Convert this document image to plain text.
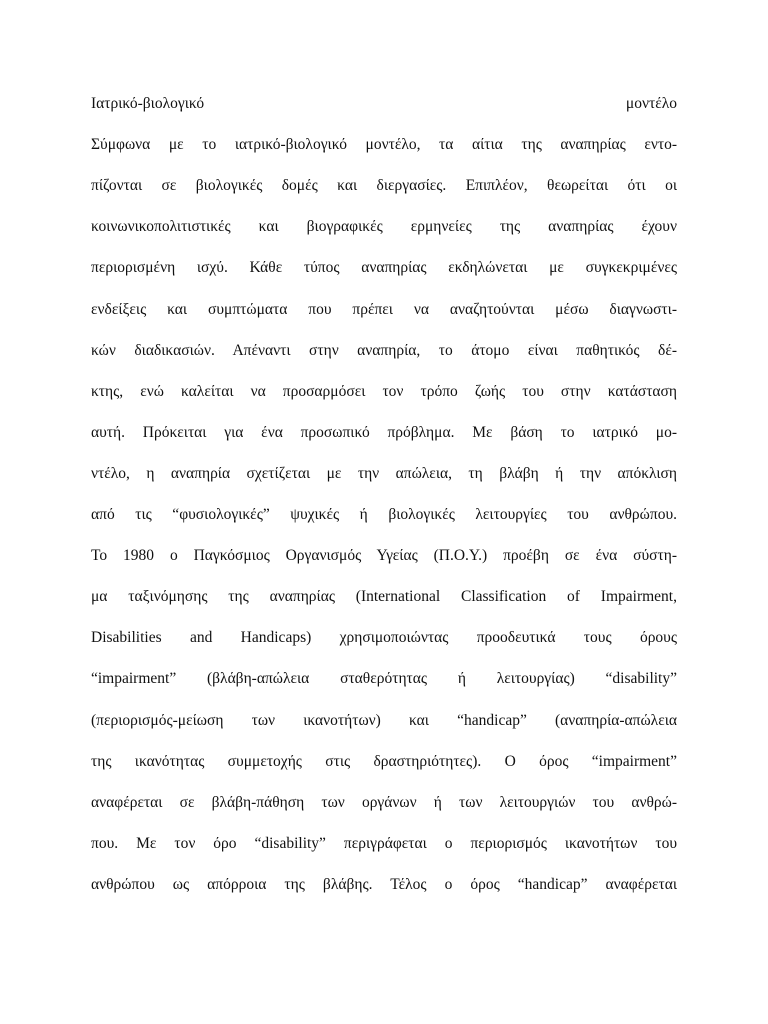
Ιατρικό-βιολογικό	μοντέλο
Σύμφωνα με το ιατρικό-βιολογικό μοντέλο, τα αίτια της αναπηρίας εντο-
πίζονται σε βιολογικές δομές και διεργασίες. Επιπλέον, θεωρείται ότι οι
κοινωνικοπολιτιστικές και βιογραφικές ερμηνείες της αναπηρίας έχουν
περιορισμένη ισχύ. Κάθε τύπος αναπηρίας εκδηλώνεται με συγκεκριμένες
ενδείξεις και συμπτώματα που πρέπει να αναζητούνται μέσω διαγνωστι-
κών διαδικασιών. Απέναντι στην αναπηρία, το άτομο είναι παθητικός δέ-
κτης, ενώ καλείται να προσαρμόσει τον τρόπο ζωής του στην κατάσταση
αυτή. Πρόκειται για ένα προσωπικό πρόβλημα. Με βάση το ιατρικό μο-
ντέλο, η αναπηρία σχετίζεται με την απώλεια, τη βλάβη ή την απόκλιση
από τις “φυσιολογικές” ψυχικές ή βιολογικές λειτουργίες του ανθρώπου.
Το 1980 ο Παγκόσμιος Οργανισμός Υγείας (Π.Ο.Υ.) προέβη σε ένα σύστη-
μα ταξινόμησης της αναπηρίας (International Classification of Impairment,
Disabilities and Handicaps) χρησιμοποιώντας προοδευτικά τους όρους
“impairment” (βλάβη-απώλεια σταθερότητας ή λειτουργίας) “disability”
(περιορισμός-μείωση των ικανοτήτων) και “handicap” (αναπηρία-απώλεια
της ικανότητας συμμετοχής στις δραστηριότητες). Ο όρος “impairment”
αναφέρεται σε βλάβη-πάθηση των οργάνων ή των λειτουργιών του ανθρώ-
που. Με τον όρο “disability” περιγράφεται ο περιορισμός ικανοτήτων του
ανθρώπου ως απόρροια της βλάβης. Τέλος ο όρος “handicap” αναφέρεται
